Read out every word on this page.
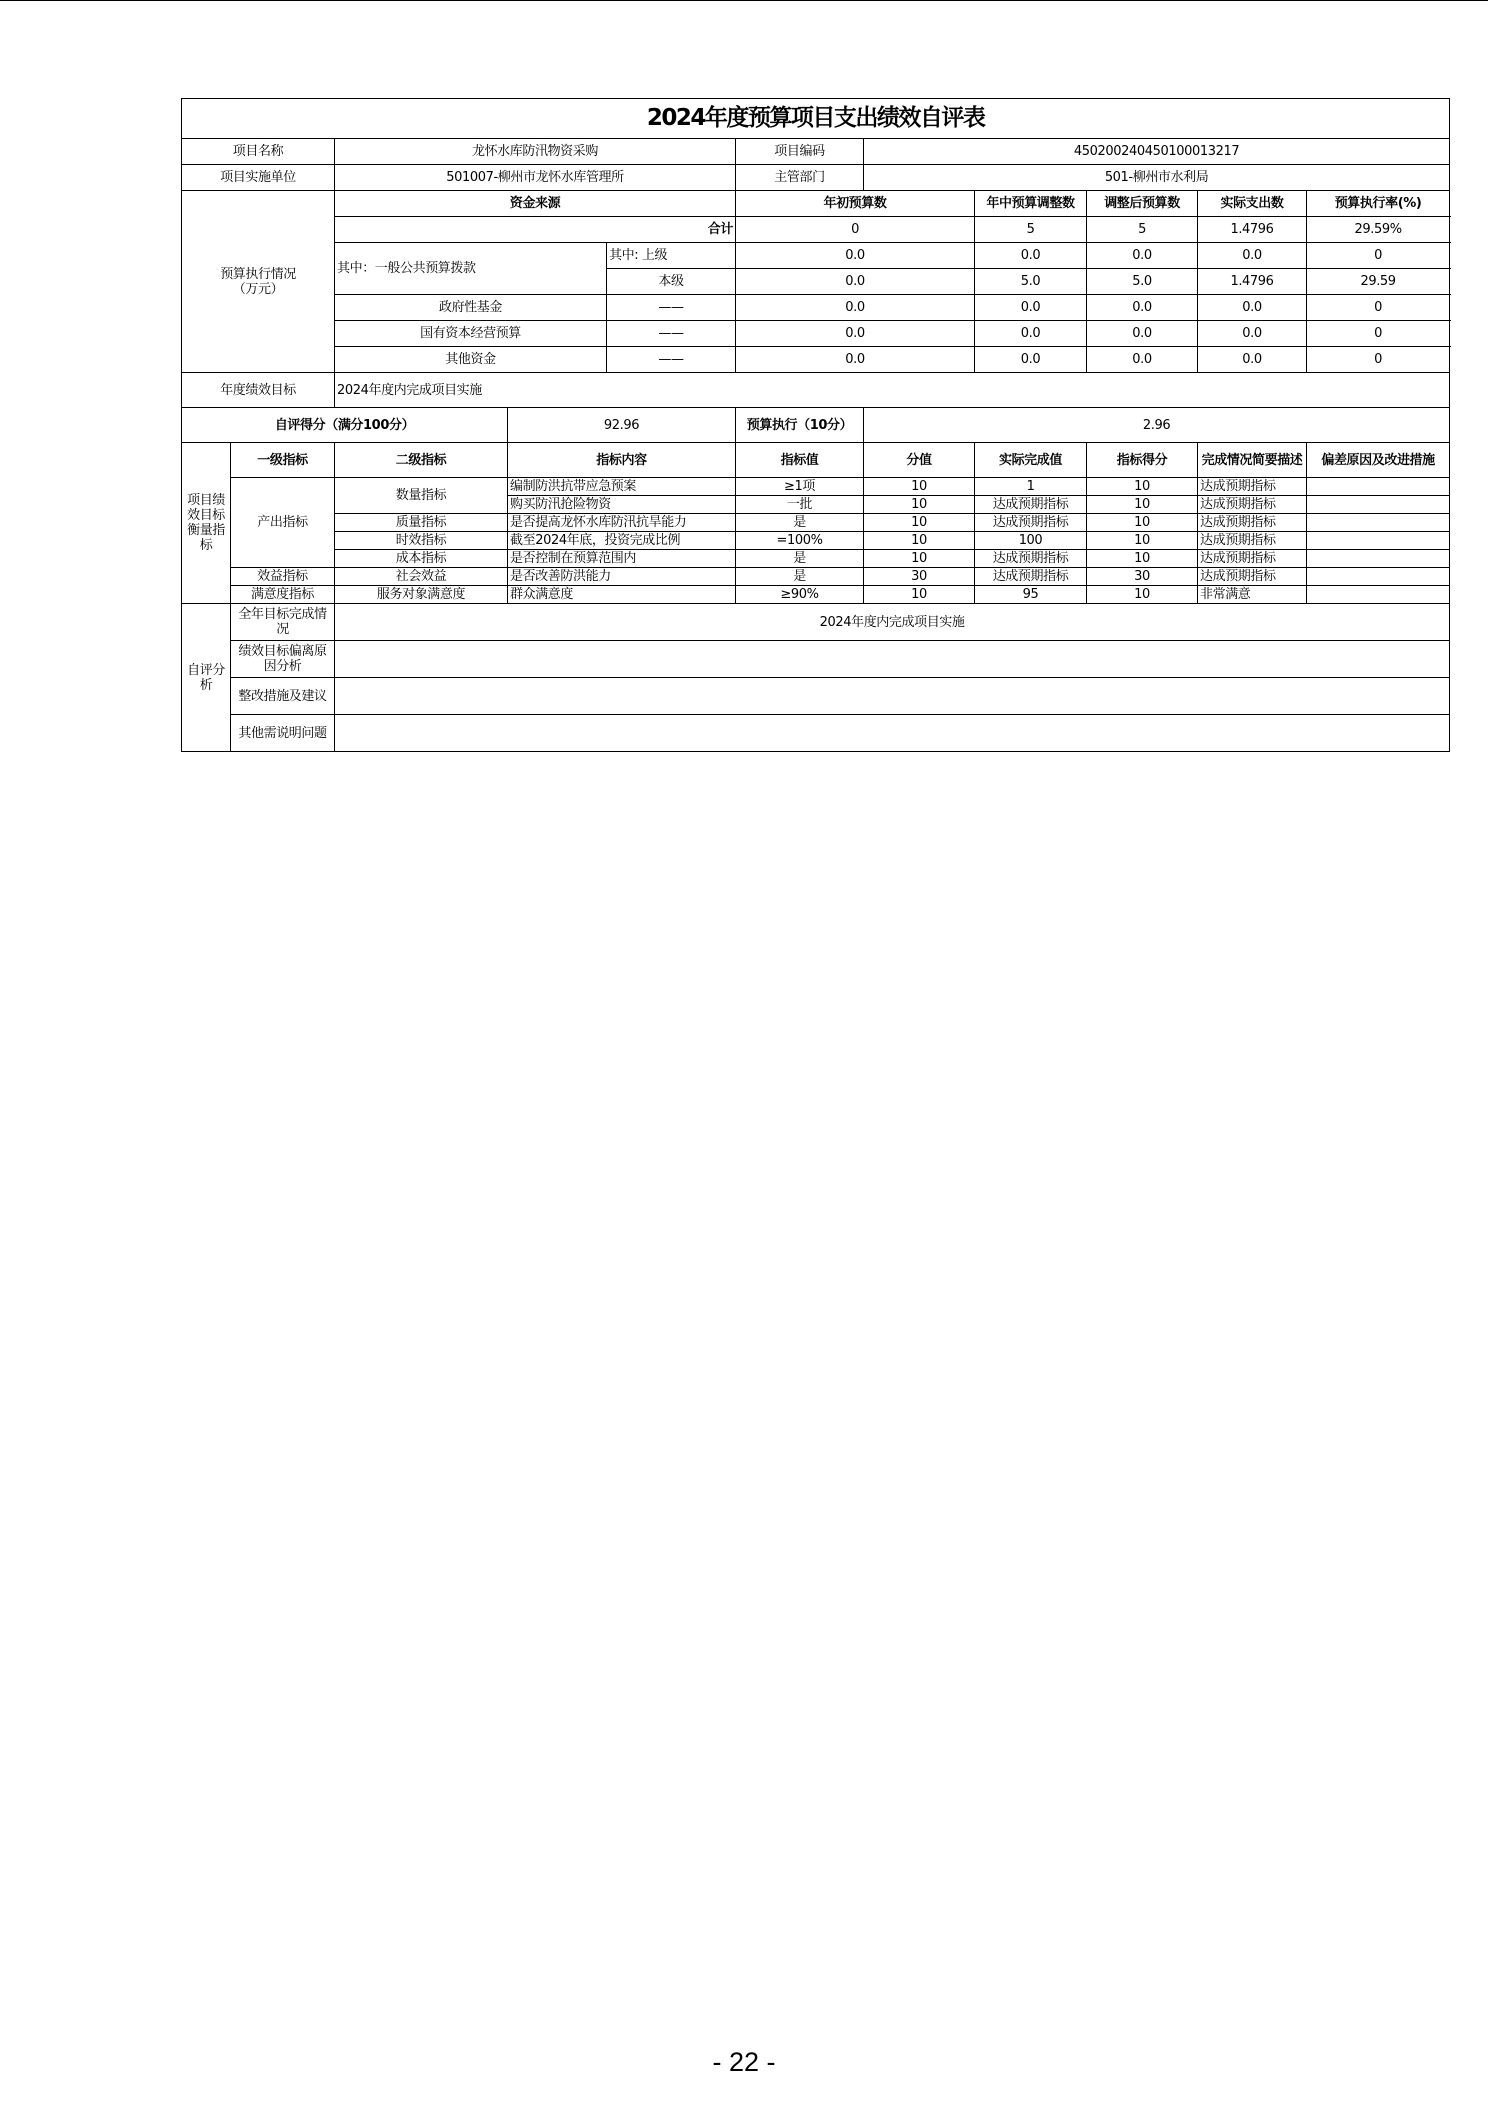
2024年度预算项目支出绩效自评表										
项目名称		龙怀水库防汛物资采购			项目编码	450200240450100013217				
项目实施单位		501007-柳州市龙怀水库管理所			主管部门	501-柳州市水利局				
预算执行情况
（万元）		资金来源			年初预算数		年中预算调整数	调整后预算数	实际支出数	预算执行率(%)
		合计			0		5	5	1.4796	29.59%
		其中：一般公共预算拨款		其中: 上级	0.0		0.0	0.0	0.0	0
				本级	0.0		5.0	5.0	1.4796	29.59
		政府性基金		——	0.0		0.0	0.0	0.0	0
		国有资本经营预算		——	0.0		0.0	0.0	0.0	0
		其他资金		——	0.0		0.0	0.0	0.0	0
年度绩效目标		2024年度内完成项目实施								
自评得分（满分100分）			92.96		预算执行（10分）	2.96				
项目绩效目标衡量指标	一级指标	二级指标	指标内容		指标值	分值	实际完成值	指标得分	完成情况简要描述	偏差原因及改进措施
	产出指标	数量指标	编制防洪抗带应急预案		≥1项	10	1	10	达成预期指标	
			购买防汛抢险物资		一批	10	达成预期指标	10	达成预期指标	
		质量指标	是否提高龙怀水库防汛抗旱能力		是	10	达成预期指标	10	达成预期指标	
		时效指标	截至2024年底，投资完成比例		=100%	10	100	10	达成预期指标	
		成本指标	是否控制在预算范围内		是	10	达成预期指标	10	达成预期指标	
	效益指标	社会效益	是否改善防洪能力		是	30	达成预期指标	30	达成预期指标	
	满意度指标	服务对象满意度	群众满意度		≥90%	10	95	10	非常满意	
自评分析	全年目标完成情况	2024年度内完成项目实施								
	绩效目标偏离原因分析									
	整改措施及建议									
	其他需说明问题									
- 22 -
